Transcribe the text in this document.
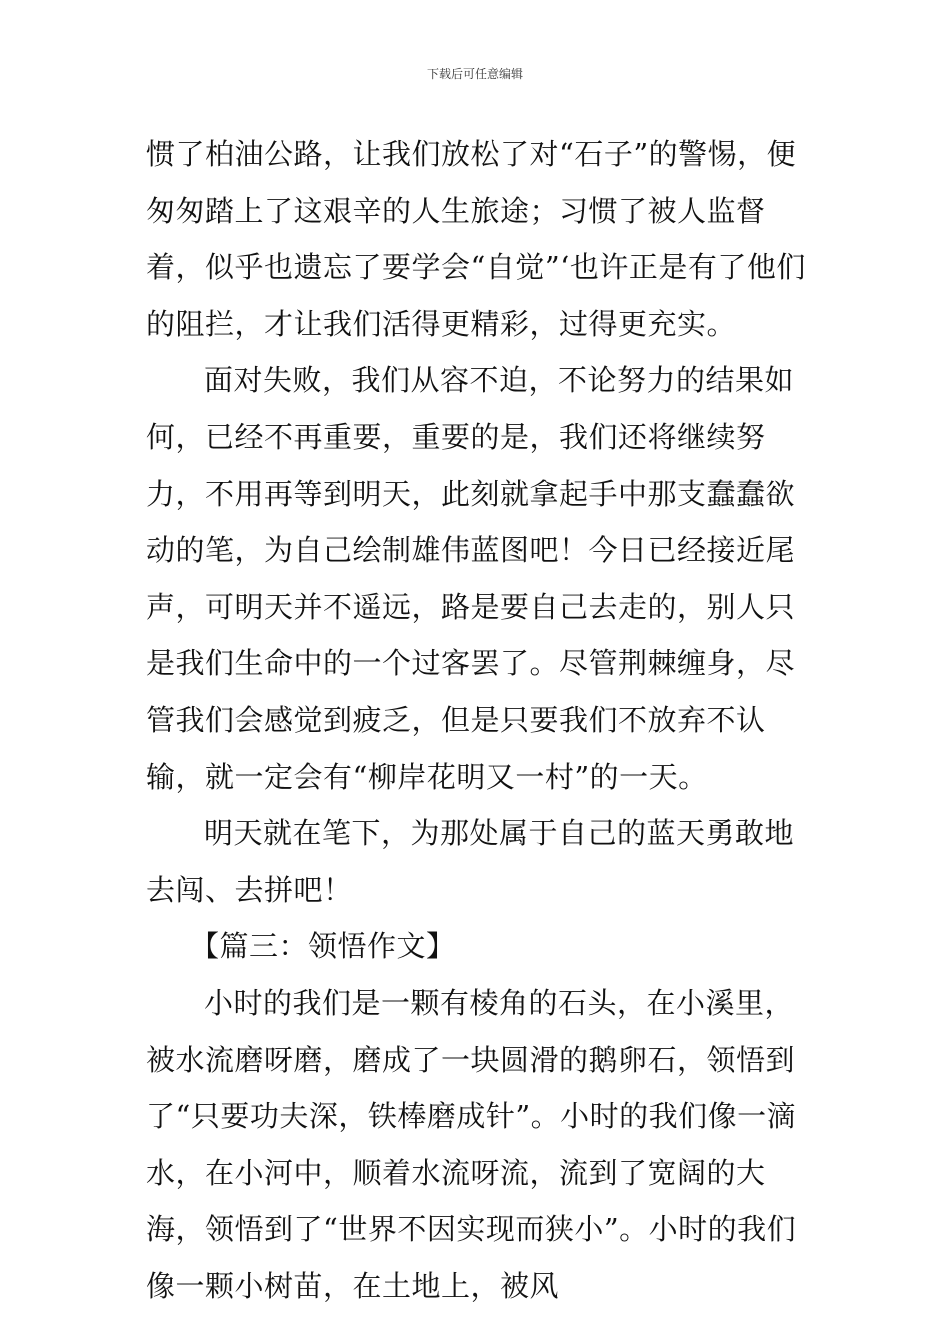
下载后可任意编辑

惯了柏油公路，让我们放松了对“石子”的警惕，便匆匆踏上了这艰辛的人生旅途；习惯了被人监督着，似乎也遗忘了要学会“自觉”‘也许正是有了他们的阻拦，才让我们活得更精彩，过得更充实。

面对失败，我们从容不迫，不论努力的结果如何，已经不再重要，重要的是，我们还将继续努力，不用再等到明天，此刻就拿起手中那支蠢蠢欲动的笔，为自己绘制雄伟蓝图吧！今日已经接近尾声，可明天并不遥远，路是要自己去走的，别人只是我们生命中的一个过客罢了。尽管荆棘缠身，尽管我们会感觉到疲乏，但是只要我们不放弃不认输，就一定会有“柳岸花明又一村”的一天。

明天就在笔下，为那处属于自己的蓝天勇敢地去闯、去拼吧！

【篇三：领悟作文】

小时的我们是一颗有棱角的石头，在小溪里，被水流磨呀磨，磨成了一块圆滑的鹅卵石，领悟到了“只要功夫深，铁棒磨成针”。小时的我们像一滴水，在小河中，顺着水流呀流，流到了宽阔的大海，领悟到了“世界不因实现而狭小”。小时的我们像一颗小树苗，在土地上，被风
